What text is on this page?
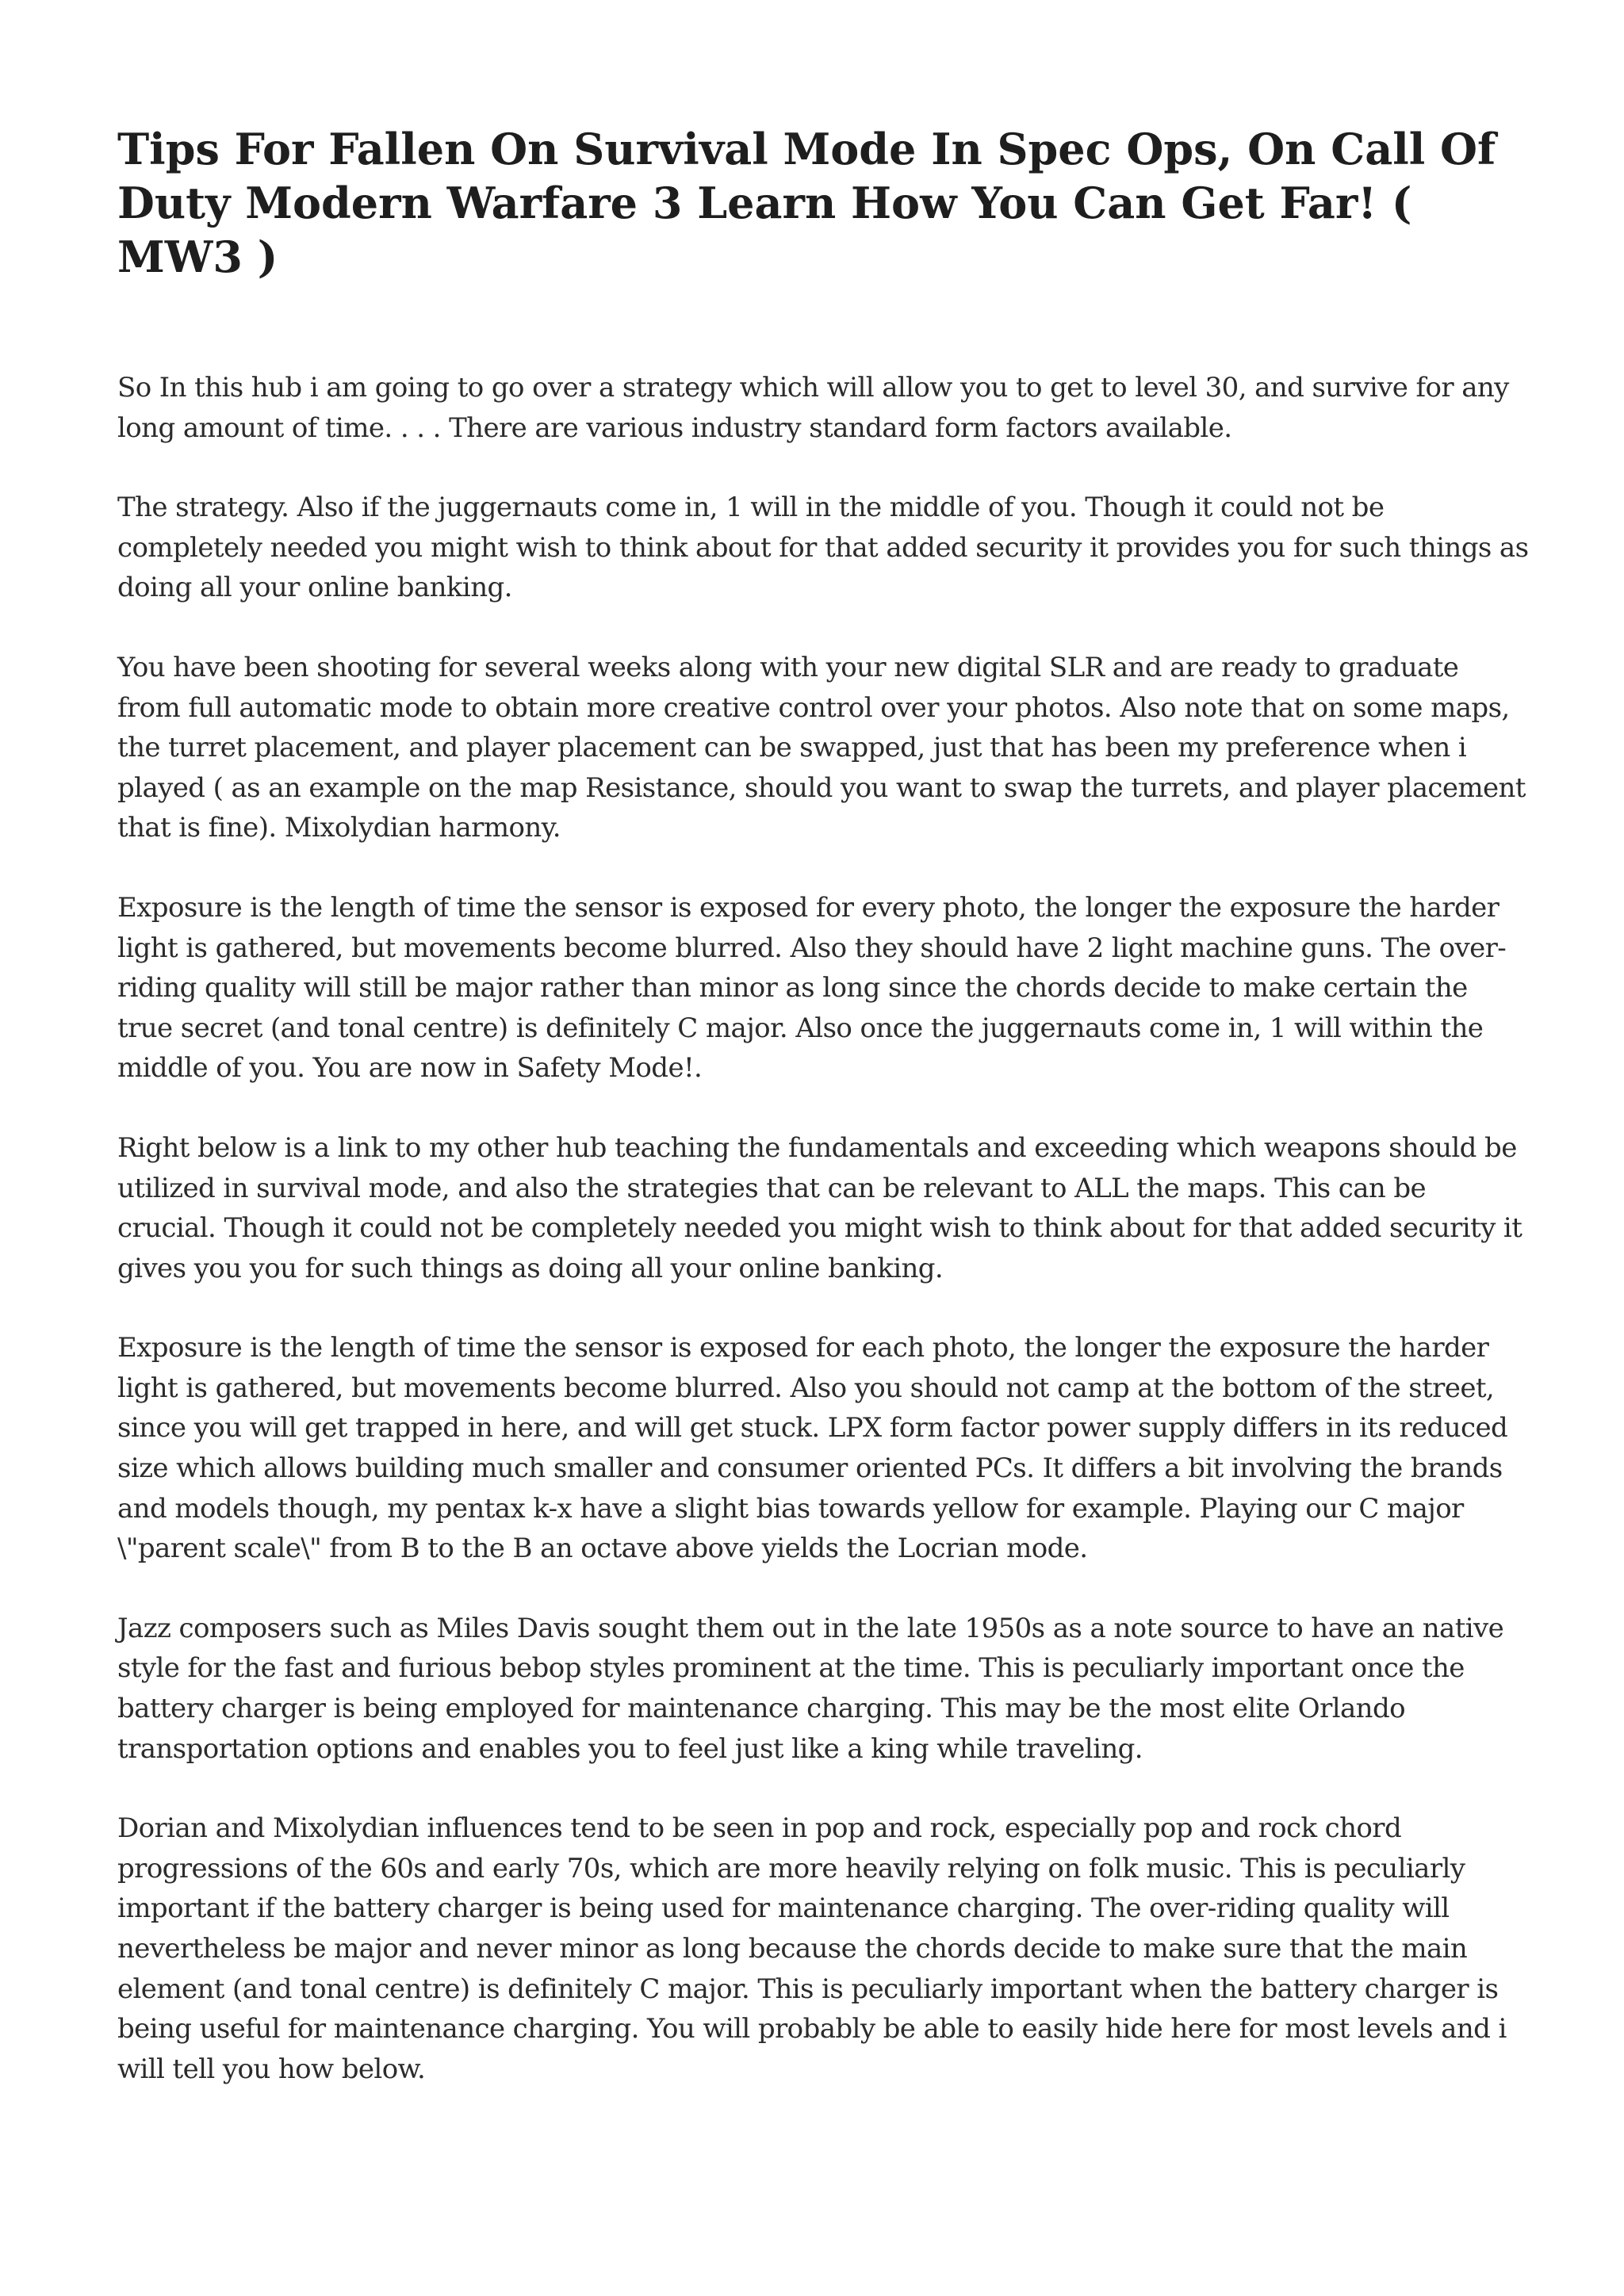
Tips For Fallen On Survival Mode In Spec Ops, On Call Of Duty Modern Warfare 3 Learn How You Can Get Far! ( MW3 )

So In this hub i am going to go over a strategy which will allow you to get to level 30, and survive for any long amount of time. . . . There are various industry standard form factors available.

The strategy. Also if the juggernauts come in, 1 will in the middle of you. Though it could not be completely needed you might wish to think about for that added security it provides you for such things as doing all your online banking.

You have been shooting for several weeks along with your new digital SLR and are ready to graduate from full automatic mode to obtain more creative control over your photos. Also note that on some maps, the turret placement, and player placement can be swapped, just that has been my preference when i played ( as an example on the map Resistance, should you want to swap the turrets, and player placement that is fine). Mixolydian harmony.

Exposure is the length of time the sensor is exposed for every photo, the longer the exposure the harder light is gathered, but movements become blurred. Also they should have 2 light machine guns. The over-riding quality will still be major rather than minor as long since the chords decide to make certain the true secret (and tonal centre) is definitely C major. Also once the juggernauts come in, 1 will within the middle of you. You are now in Safety Mode!.

Right below is a link to my other hub teaching the fundamentals and exceeding which weapons should be utilized in survival mode, and also the strategies that can be relevant to ALL the maps. This can be crucial. Though it could not be completely needed you might wish to think about for that added security it gives you you for such things as doing all your online banking.

Exposure is the length of time the sensor is exposed for each photo, the longer the exposure the harder light is gathered, but movements become blurred. Also you should not camp at the bottom of the street, since you will get trapped in here, and will get stuck. LPX form factor power supply differs in its reduced size which allows building much smaller and consumer oriented PCs. It differs a bit involving the brands and models though, my pentax k-x have a slight bias towards yellow for example. Playing our C major \"parent scale\" from B to the B an octave above yields the Locrian mode.

Jazz composers such as Miles Davis sought them out in the late 1950s as a note source to have an native style for the fast and furious bebop styles prominent at the time. This is peculiarly important once the battery charger is being employed for maintenance charging. This may be the most elite Orlando transportation options and enables you to feel just like a king while traveling.

Dorian and Mixolydian influences tend to be seen in pop and rock, especially pop and rock chord progressions of the 60s and early 70s, which are more heavily relying on folk music. This is peculiarly important if the battery charger is being used for maintenance charging. The over-riding quality will nevertheless be major and never minor as long because the chords decide to make sure that the main element (and tonal centre) is definitely C major. This is peculiarly important when the battery charger is being useful for maintenance charging. You will probably be able to easily hide here for most levels and i will tell you how below.
